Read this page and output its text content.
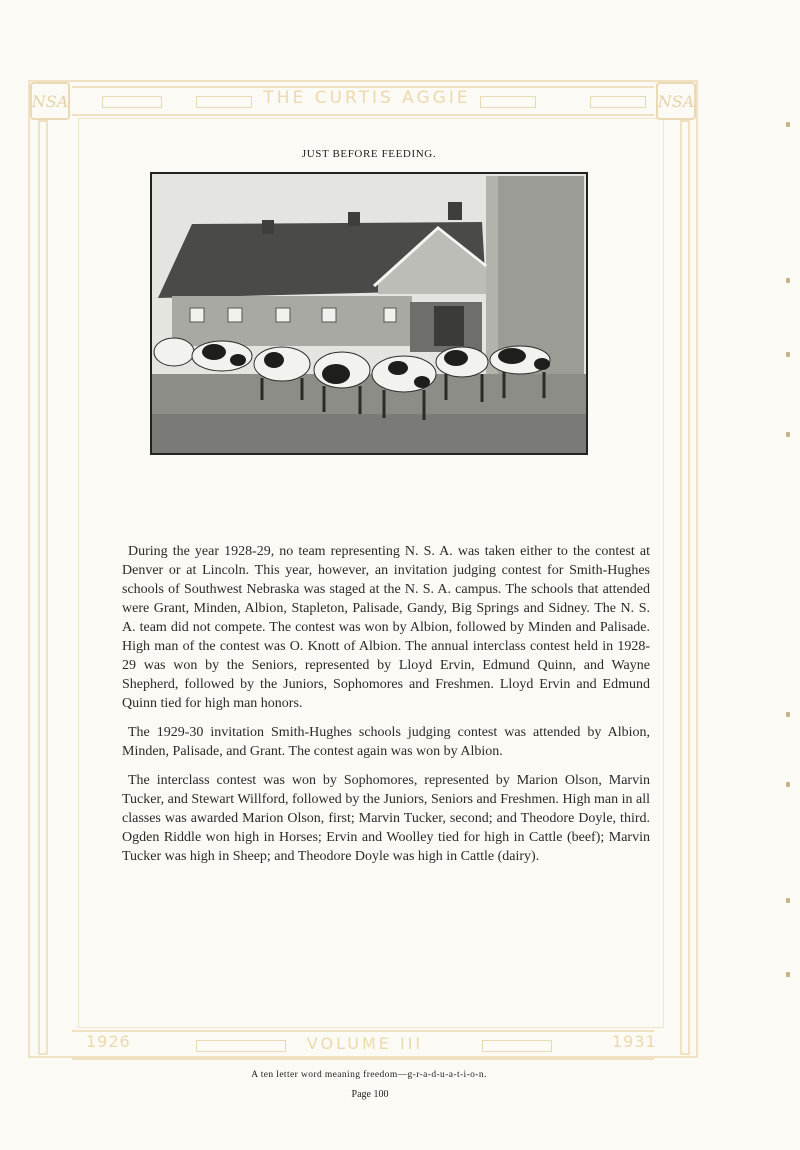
NSA	NSA
THE CURTIS AGGIE
1926	VOLUME III	1931
JUST BEFORE FEEDING.

During the year 1928-29, no team representing N. S. A. was taken either to the contest at Denver or at Lincoln. This year, however, an invitation judging contest for Smith-Hughes schools of Southwest Nebraska was staged at the N. S. A. campus. The schools that attended were Grant, Minden, Albion, Stapleton, Palisade, Gandy, Big Springs and Sidney. The N. S. A. team did not compete. The contest was won by Albion, followed by Minden and Palisade. High man of the contest was O. Knott of Albion. The annual interclass contest held in 1928-29 was won by the Seniors, represented by Lloyd Ervin, Edmund Quinn, and Wayne Shepherd, followed by the Juniors, Sophomores and Freshmen. Lloyd Ervin and Edmund Quinn tied for high man honors.

The 1929-30 invitation Smith-Hughes schools judging contest was attended by Albion, Minden, Palisade, and Grant. The contest again was won by Albion.

The interclass contest was won by Sophomores, represented by Marion Olson, Marvin Tucker, and Stewart Willford, followed by the Juniors, Seniors and Freshmen. High man in all classes was awarded Marion Olson, first; Marvin Tucker, second; and Theodore Doyle, third. Ogden Riddle won high in Horses; Ervin and Woolley tied for high in Cattle (beef); Marvin Tucker was high in Sheep; and Theodore Doyle was high in Cattle (dairy).

A ten letter word meaning freedom—g-r-a-d-u-a-t-i-o-n.
Page 100
